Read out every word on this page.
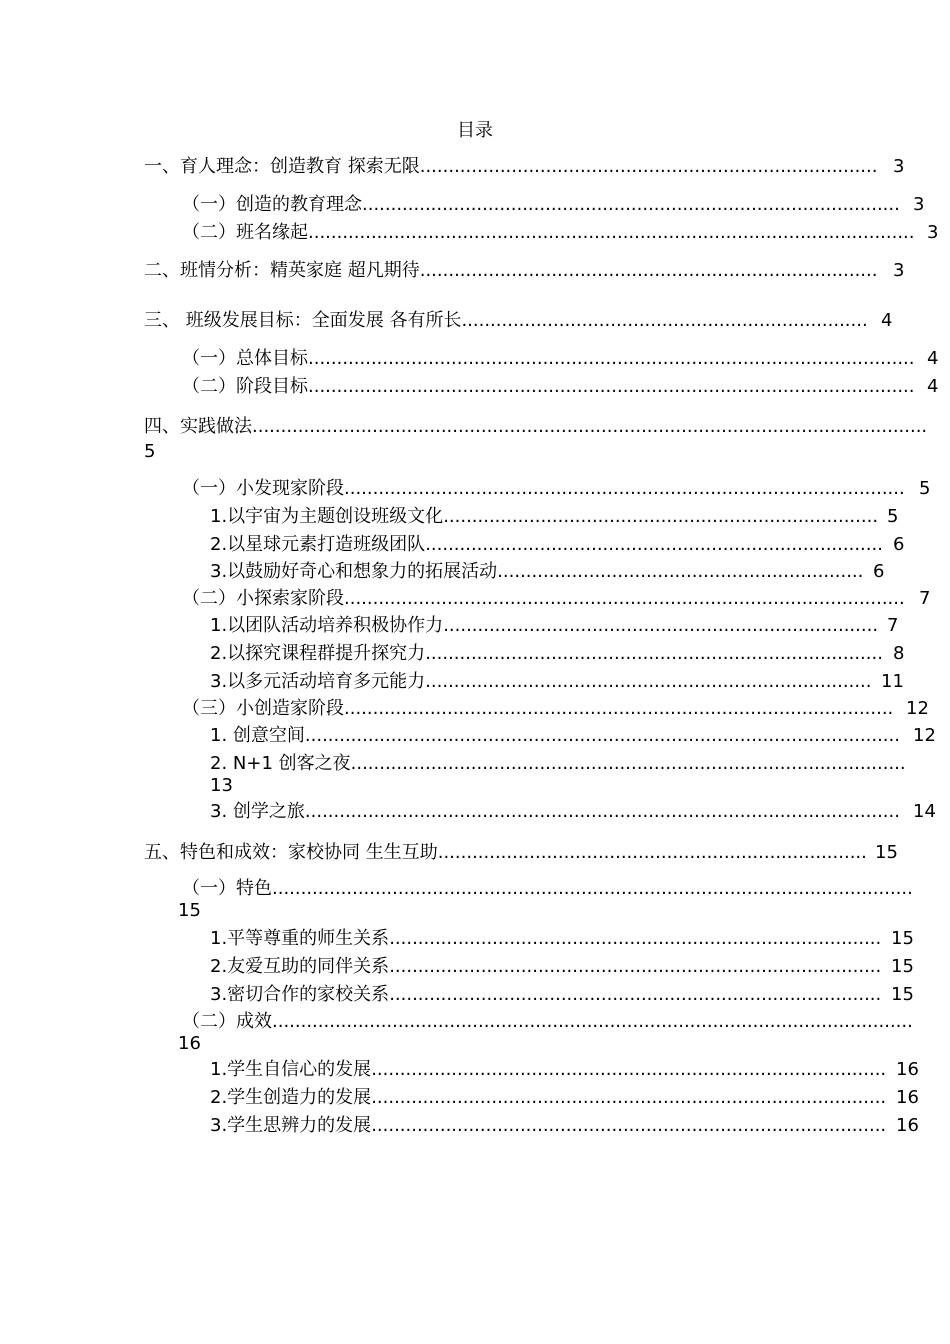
目录
一、育人理念：创造教育 探索无限................................................................................ 3
（一）创造的教育理念.............................................................................................. 3
（二）班名缘起.......................................................................................................... 3
二、班情分析：精英家庭 超凡期待................................................................................ 3
三、 班级发展目标：全面发展 各有所长....................................................................... 4
（一）总体目标.......................................................................................................... 4
（二）阶段目标.......................................................................................................... 4
四、实践做法......................................................................................................................
5
（一）小发现家阶段.................................................................................................. 5
1.以宇宙为主题创设班级文化............................................................................ 5
2.以星球元素打造班级团队................................................................................ 6
3.以鼓励好奇心和想象力的拓展活动................................................................ 6
（二）小探索家阶段.................................................................................................. 7
1.以团队活动培养积极协作力............................................................................ 7
2.以探究课程群提升探究力................................................................................ 8
3.以多元活动培育多元能力.............................................................................. 11
（三）小创造家阶段................................................................................................ 12
1. 创意空间........................................................................................................ 12
2. N+1 创客之夜.................................................................................................
13
3. 创学之旅........................................................................................................ 14
五、特色和成效：家校协同 生生互助........................................................................... 15
（一）特色................................................................................................................
15
1.平等尊重的师生关系...................................................................................... 15
2.友爱互助的同伴关系...................................................................................... 15
3.密切合作的家校关系...................................................................................... 15
（二）成效................................................................................................................
16
1.学生自信心的发展.......................................................................................... 16
2.学生创造力的发展.......................................................................................... 16
3.学生思辨力的发展.......................................................................................... 16
